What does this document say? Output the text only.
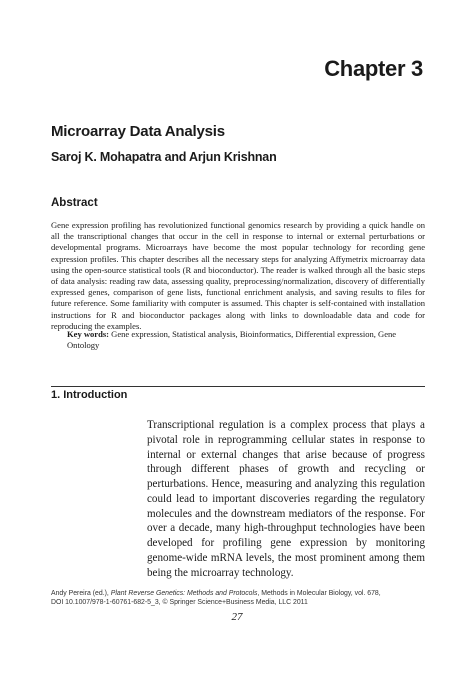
Chapter 3
Microarray Data Analysis
Saroj K. Mohapatra and Arjun Krishnan
Abstract

Gene expression profiling has revolutionized functional genomics research by providing a quick handle on all the transcriptional changes that occur in the cell in response to internal or external perturbations or developmental programs. Microarrays have become the most popular technology for recording gene expression profiles. This chapter describes all the necessary steps for analyzing Affymetrix microarray data using the open-source statistical tools (R and bioconductor). The reader is walked through all the basic steps of data analysis: reading raw data, assessing quality, preprocessing/normalization, discovery of differentially expressed genes, comparison of gene lists, functional enrichment analysis, and saving results to files for future reference. Some familiarity with computer is assumed. This chapter is self-contained with installation instructions for R and bioconductor packages along with links to downloadable data and code for reproducing the examples.

Key words: Gene expression, Statistical analysis, Bioinformatics, Differential expression, Gene Ontology
1. Introduction

Transcriptional regulation is a complex process that plays a pivotal role in reprogramming cellular states in response to internal or external changes that arise because of progress through different phases of growth and recycling or perturbations. Hence, measuring and analyzing this regulation could lead to important discoveries regarding the regulatory molecules and the downstream mediators of the response. For over a decade, many high-throughput technologies have been developed for profiling gene expression by monitoring genome-wide mRNA levels, the most prominent among them being the microarray technology.

Andy Pereira (ed.), Plant Reverse Genetics: Methods and Protocols, Methods in Molecular Biology, vol. 678,
DOI 10.1007/978-1-60761-682-5_3, © Springer Science+Business Media, LLC 2011
27
